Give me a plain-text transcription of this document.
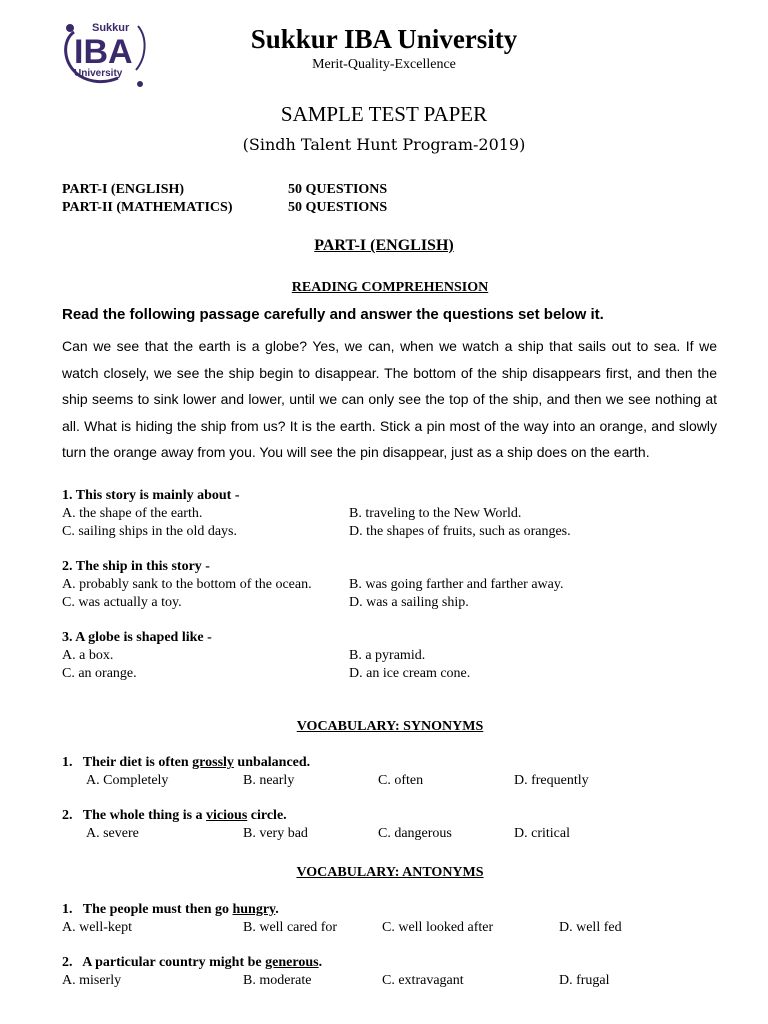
Sukkur
IBA
University
Sukkur IBA University
Merit-Quality-Excellence
SAMPLE TEST PAPER
(Sindh Talent Hunt Program-2019)
PART-I (ENGLISH)	50 QUESTIONS
PART-II (MATHEMATICS)	50 QUESTIONS
PART-I (ENGLISH)
READING COMPREHENSION
Read the following passage carefully and answer the questions set below it.
Can we see that the earth is a globe? Yes, we can, when we watch a ship that sails out to sea. If we watch closely, we see the ship begin to disappear. The bottom of the ship disappears first, and then the ship seems to sink lower and lower, until we can only see the top of the ship, and then we see nothing at all. What is hiding the ship from us? It is the earth. Stick a pin most of the way into an orange, and slowly turn the orange away from you. You will see the pin disappear, just as a ship does on the earth.
1. This story is mainly about -
A. the shape of the earth.	B. traveling to the New World.
C. sailing ships in the old days.	D. the shapes of fruits, such as oranges.
2. The ship in this story -
A. probably sank to the bottom of the ocean.	B. was going farther and farther away.
C. was actually a toy.	D. was a sailing ship.
3. A globe is shaped like -
A. a box.	B. a pyramid.
C. an orange.	D. an ice cream cone.
VOCABULARY: SYNONYMS
1.   Their diet is often grossly unbalanced.
A. Completely	B. nearly	C. often	D. frequently
2.   The whole thing is a vicious circle.
A. severe	B. very bad	C. dangerous	D. critical
VOCABULARY: ANTONYMS
1.   The people must then go hungry.
A. well-kept	B. well cared for	C. well looked after	D. well fed
2.   A particular country might be generous.
A. miserly	B. moderate	C. extravagant	D. frugal
